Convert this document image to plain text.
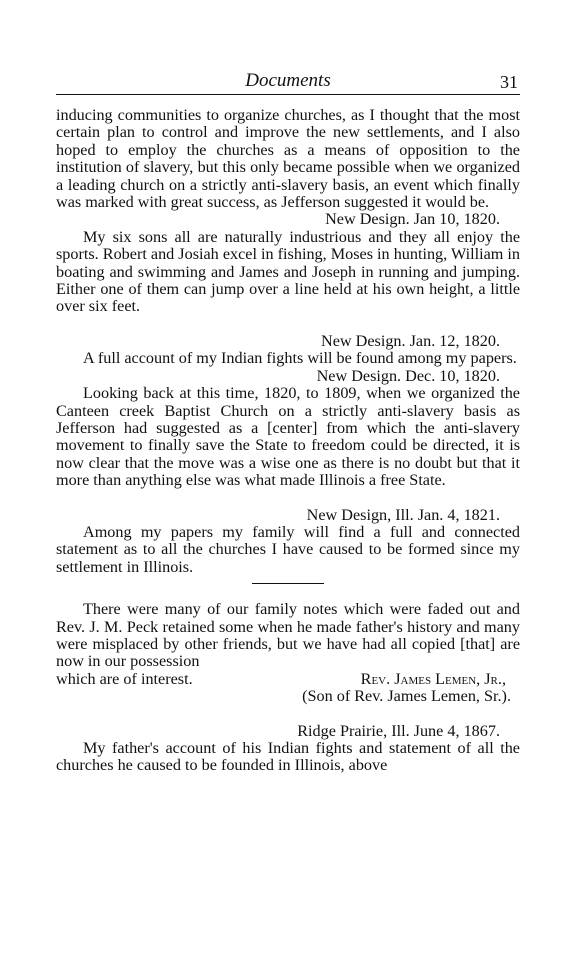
Documents	31

inducing communities to organize churches, as I thought that the most certain plan to control and improve the new settlements, and I also hoped to employ the churches as a means of opposition to the institution of slavery, but this only became possible when we organized a leading church on a strictly anti-slavery basis, an event which finally was marked with great success, as Jefferson suggested it would be.

New Design. Jan 10, 1820.

My six sons all are naturally industrious and they all enjoy the sports. Robert and Josiah excel in fishing, Moses in hunting, William in boating and swimming and James and Joseph in running and jumping. Either one of them can jump over a line held at his own height, a little over six feet.

New Design. Jan. 12, 1820.

A full account of my Indian fights will be found among my papers.

New Design. Dec. 10, 1820.

Looking back at this time, 1820, to 1809, when we organized the Canteen creek Baptist Church on a strictly anti-slavery basis as Jefferson had suggested as a [center] from which the anti-slavery movement to finally save the State to freedom could be directed, it is now clear that the move was a wise one as there is no doubt but that it more than anything else was what made Illinois a free State.

New Design, Ill. Jan. 4, 1821.

Among my papers my family will find a full and connected statement as to all the churches I have caused to be formed since my settlement in Illinois.

There were many of our family notes which were faded out and Rev. J. M. Peck retained some when he made father's history and many were misplaced by other friends, but we have had all copied [that] are now in our possession

which are of interest.	Rev. James Lemen, Jr.,

(Son of Rev. James Lemen, Sr.).

Ridge Prairie, Ill. June 4, 1867.

My father's account of his Indian fights and statement of all the churches he caused to be founded in Illinois, above
